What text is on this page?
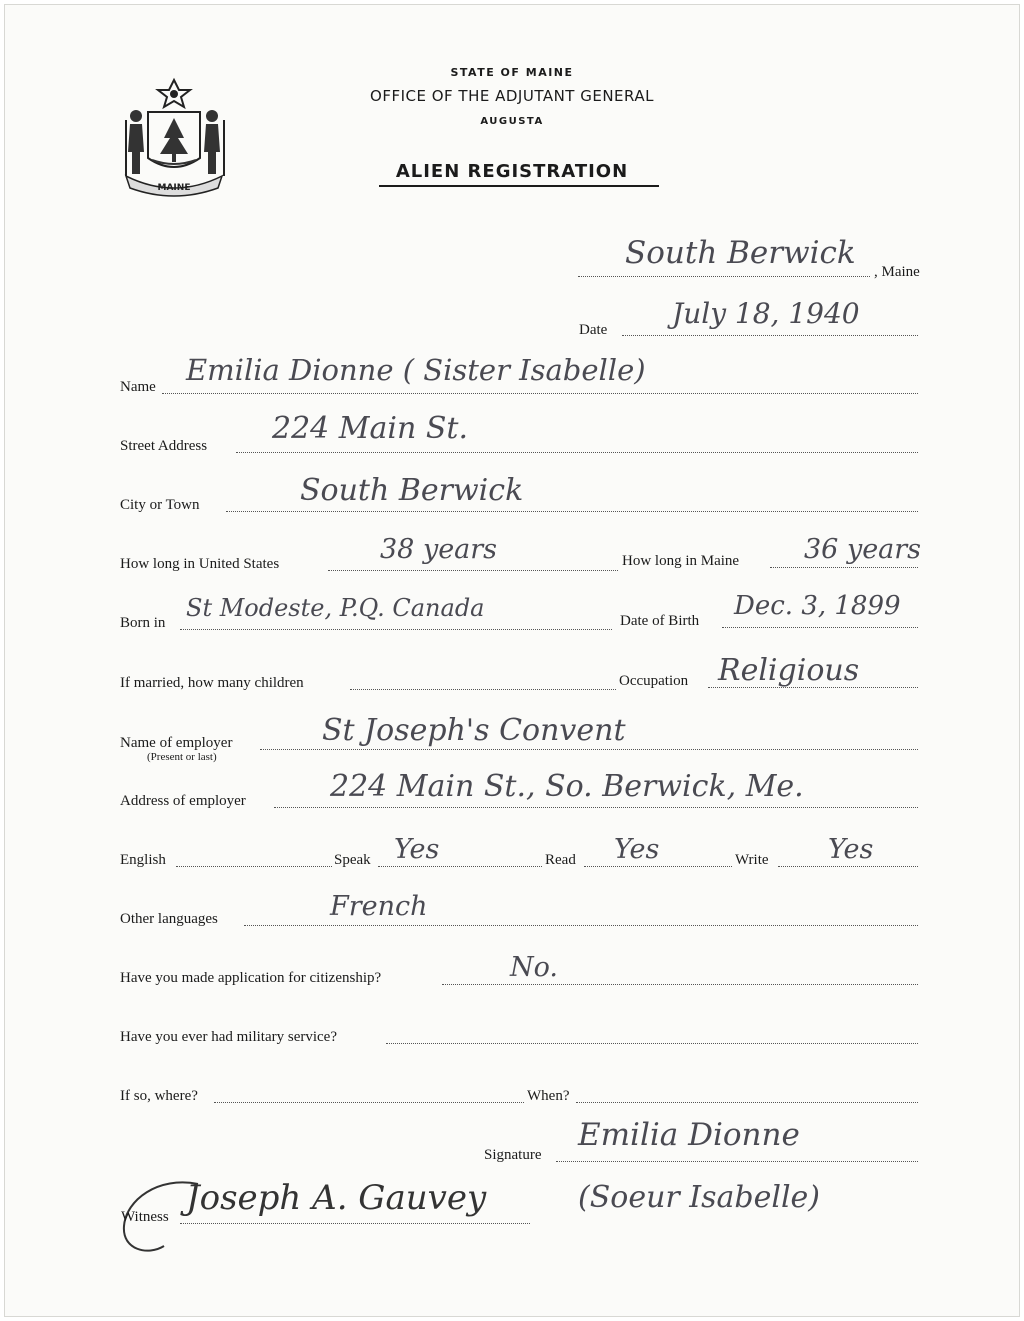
MAINE
STATE OF MAINE
OFFICE OF THE ADJUTANT GENERAL
AUGUSTA
ALIEN REGISTRATION
South Berwick
, Maine
Date July 18, 1940
Name Emilia Dionne ( Sister Isabelle)
Street Address 224 Main St.
City or Town	South Berwick
How long in United States	38 years	How long in Maine 36 years
Born in
St Modeste, P.Q. Canada	Date of Birth Dec. 3, 1899
If married, how many children	Occupation Religious
Name of employer
(Present or last)
St Joseph's Convent
Address of employer	224 Main St., So. Berwick, Me.
English	Speak Yes	Read Yes	Write Yes
Other languages	French
Have you made application for citizenship?	No.
Have you ever had military service?
If so, where?	When?
Signature
Emilia Dionne
(Soeur Isabelle)
Witness Joseph A. Gauvey
